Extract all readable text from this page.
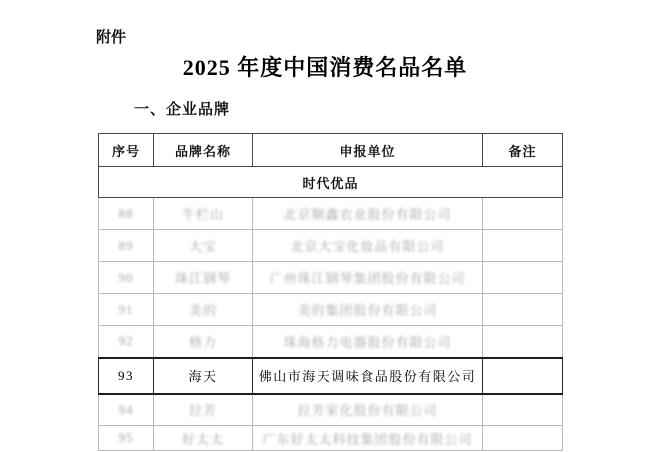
附件
2025 年度中国消费名品名单
一、企业品牌
序号	品牌名称	申报单位	备注
时代优品			
88	牛栏山	北京顺鑫农业股份有限公司	
89	大宝	北京大宝化妆品有限公司	
90	珠江钢琴	广州珠江钢琴集团股份有限公司	
91	美的	美的集团股份有限公司	
92	格力	珠海格力电器股份有限公司	
93	海天	佛山市海天调味食品股份有限公司	
94	拉芳	拉芳家化股份有限公司	
95	好太太	广东好太太科技集团股份有限公司	
